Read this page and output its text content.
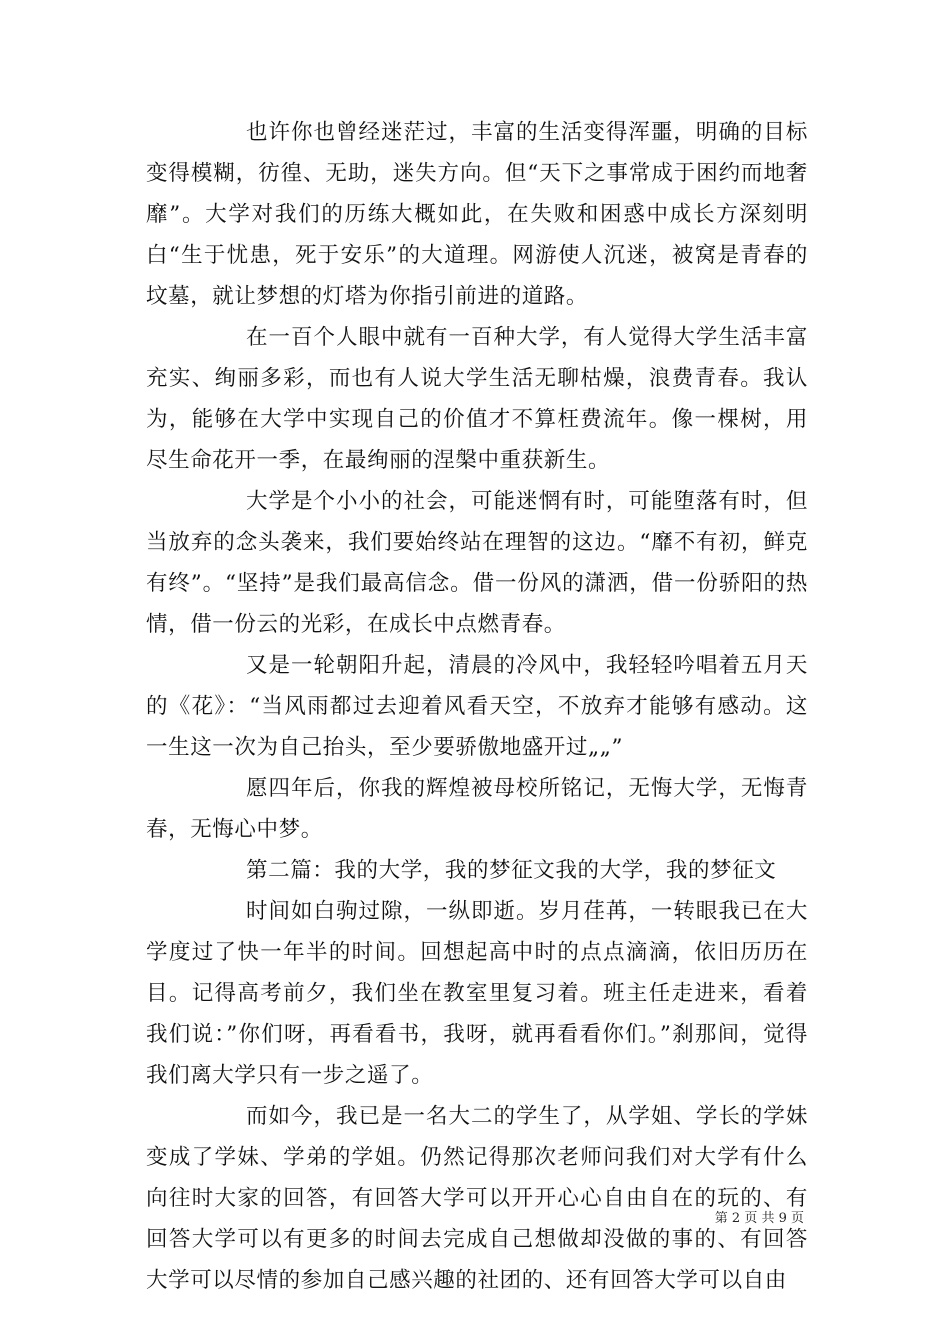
也许你也曾经迷茫过，丰富的生活变得浑噩，明确的目标变得模糊，彷徨、无助，迷失方向。但“天下之事常成于困约而地奢靡”。大学对我们的历练大概如此，在失败和困惑中成长方深刻明白“生于忧患，死于安乐”的大道理。网游使人沉迷，被窝是青春的坟墓，就让梦想的灯塔为你指引前进的道路。

在一百个人眼中就有一百种大学，有人觉得大学生活丰富充实、绚丽多彩，而也有人说大学生活无聊枯燥，浪费青春。我认为，能够在大学中实现自己的价值才不算枉费流年。像一棵树，用尽生命花开一季，在最绚丽的涅槃中重获新生。

大学是个小小的社会，可能迷惘有时，可能堕落有时，但当放弃的念头袭来，我们要始终站在理智的这边。“靡不有初，鲜克有终”。“坚持”是我们最高信念。借一份风的潇洒，借一份骄阳的热情，借一份云的光彩，在成长中点燃青春。

又是一轮朝阳升起，清晨的冷风中，我轻轻吟唱着五月天的《花》：“当风雨都过去迎着风看天空，不放弃才能够有感动。这一生这一次为自己抬头，至少要骄傲地盛开过„„”

愿四年后，你我的辉煌被母校所铭记，无悔大学，无悔青春，无悔心中梦。

第二篇：我的大学，我的梦征文我的大学，我的梦征文

时间如白驹过隙，一纵即逝。岁月荏苒，一转眼我已在大学度过了快一年半的时间。回想起高中时的点点滴滴，依旧历历在目。记得高考前夕，我们坐在教室里复习着。班主任走进来，看着我们说：”你们呀，再看看书，我呀，就再看看你们。”刹那间，觉得我们离大学只有一步之遥了。

而如今，我已是一名大二的学生了，从学姐、学长的学妹变成了学妹、学弟的学姐。仍然记得那次老师问我们对大学有什么向往时大家的回答，有回答大学可以开开心心自由自在的玩的、有回答大学可以有更多的时间去完成自己想做却没做的事的、有回答大学可以尽情的参加自己感兴趣的社团的、还有回答大学可以自由

第 2 页 共 9 页
